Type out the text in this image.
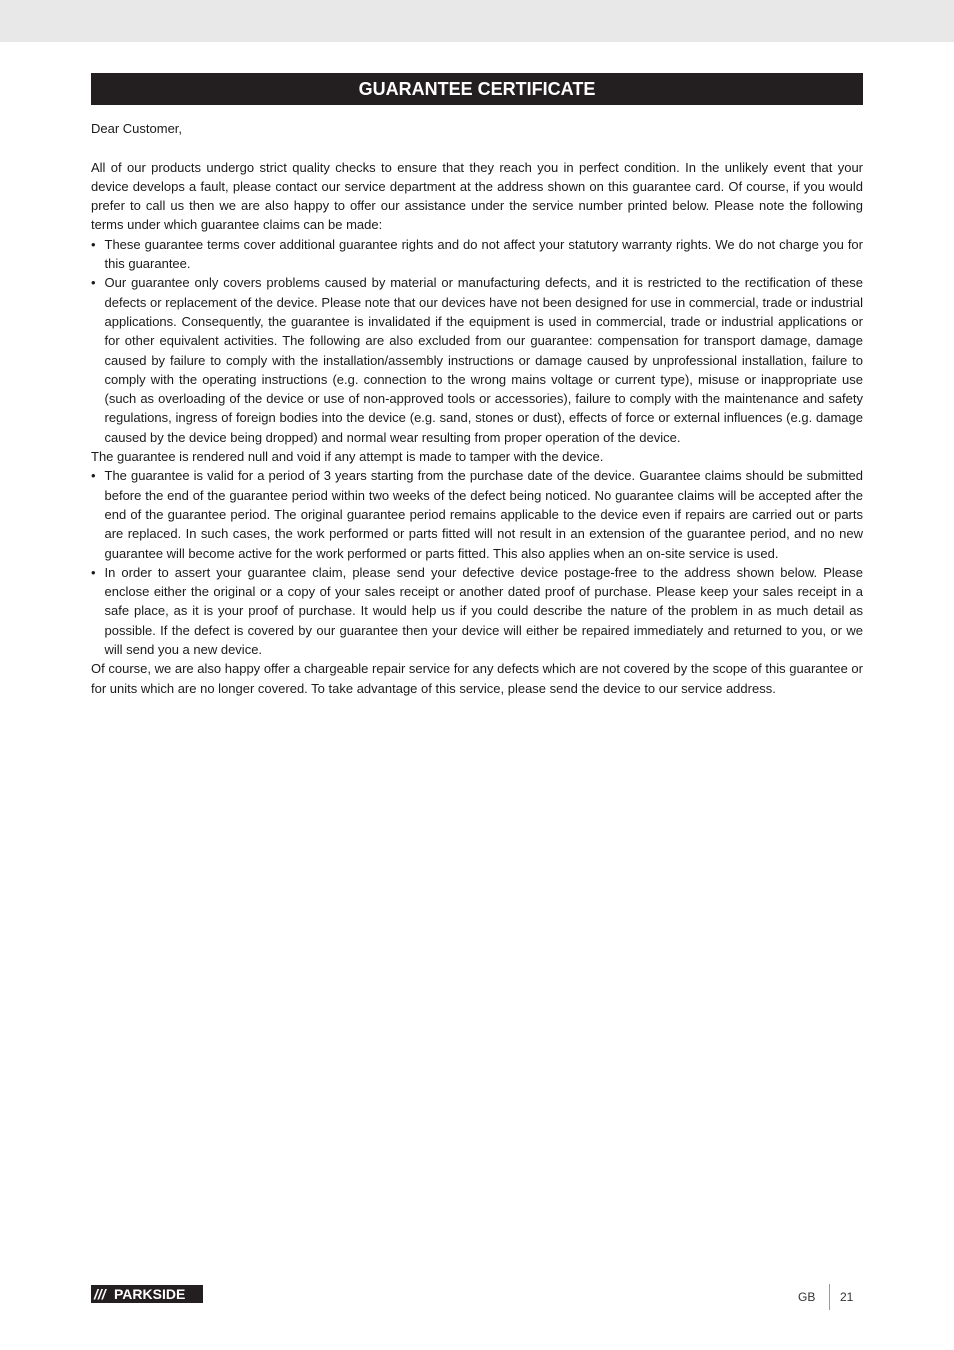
GUARANTEE CERTIFICATE

Dear Customer,

All of our products undergo strict quality checks to ensure that they reach you in perfect condition. In the unlikely event that your device develops a fault, please contact our service department at the address shown on this guarantee card. Of course, if you would prefer to call us then we are also happy to offer our assistance under the service number printed below. Please note the following terms under which guarantee claims can be made:

• These guarantee terms cover additional guarantee rights and do not affect your statutory warranty rights. We do not charge you for this guarantee.

• Our guarantee only covers problems caused by material or manufacturing defects, and it is restricted to the rectification of these defects or replacement of the device. Please note that our devices have not been designed for use in commercial, trade or industrial applications. Consequently, the guarantee is invalidated if the equipment is used in commercial, trade or industrial applications or for other equivalent activities. The following are also excluded from our guarantee: compensation for transport damage, damage caused by failure to comply with the installation/assembly instructions or damage caused by unprofessional installation, failure to comply with the operating instructions (e.g. connection to the wrong mains voltage or current type), misuse or inappropriate use (such as overloading of the device or use of non-approved tools or accessories), failure to comply with the maintenance and safety regulations, ingress of foreign bodies into the device (e.g. sand, stones or dust), effects of force or external influences (e.g. damage caused by the device being dropped) and normal wear resulting from proper operation of the device.

The guarantee is rendered null and void if any attempt is made to tamper with the device.

• The guarantee is valid for a period of 3 years starting from the purchase date of the device. Guarantee claims should be submitted before the end of the guarantee period within two weeks of the defect being noticed. No guarantee claims will be accepted after the end of the guarantee period. The original guarantee period remains applicable to the device even if repairs are carried out or parts are replaced. In such cases, the work performed or parts fitted will not result in an extension of the guarantee period, and no new guarantee will become active for the work performed or parts fitted. This also applies when an on-site service is used.

• In order to assert your guarantee claim, please send your defective device postage-free to the address shown below. Please enclose either the original or a copy of your sales receipt or another dated proof of purchase. Please keep your sales receipt in a safe place, as it is your proof of purchase. It would help us if you could describe the nature of the problem in as much detail as possible. If the defect is covered by our guarantee then your device will either be repaired immediately and returned to you, or we will send you a new device.

Of course, we are also happy offer a chargeable repair service for any defects which are not covered by the scope of this guarantee or for units which are no longer covered. To take advantage of this service, please send the device to our service address.

/// PARKSIDE	GB 21
